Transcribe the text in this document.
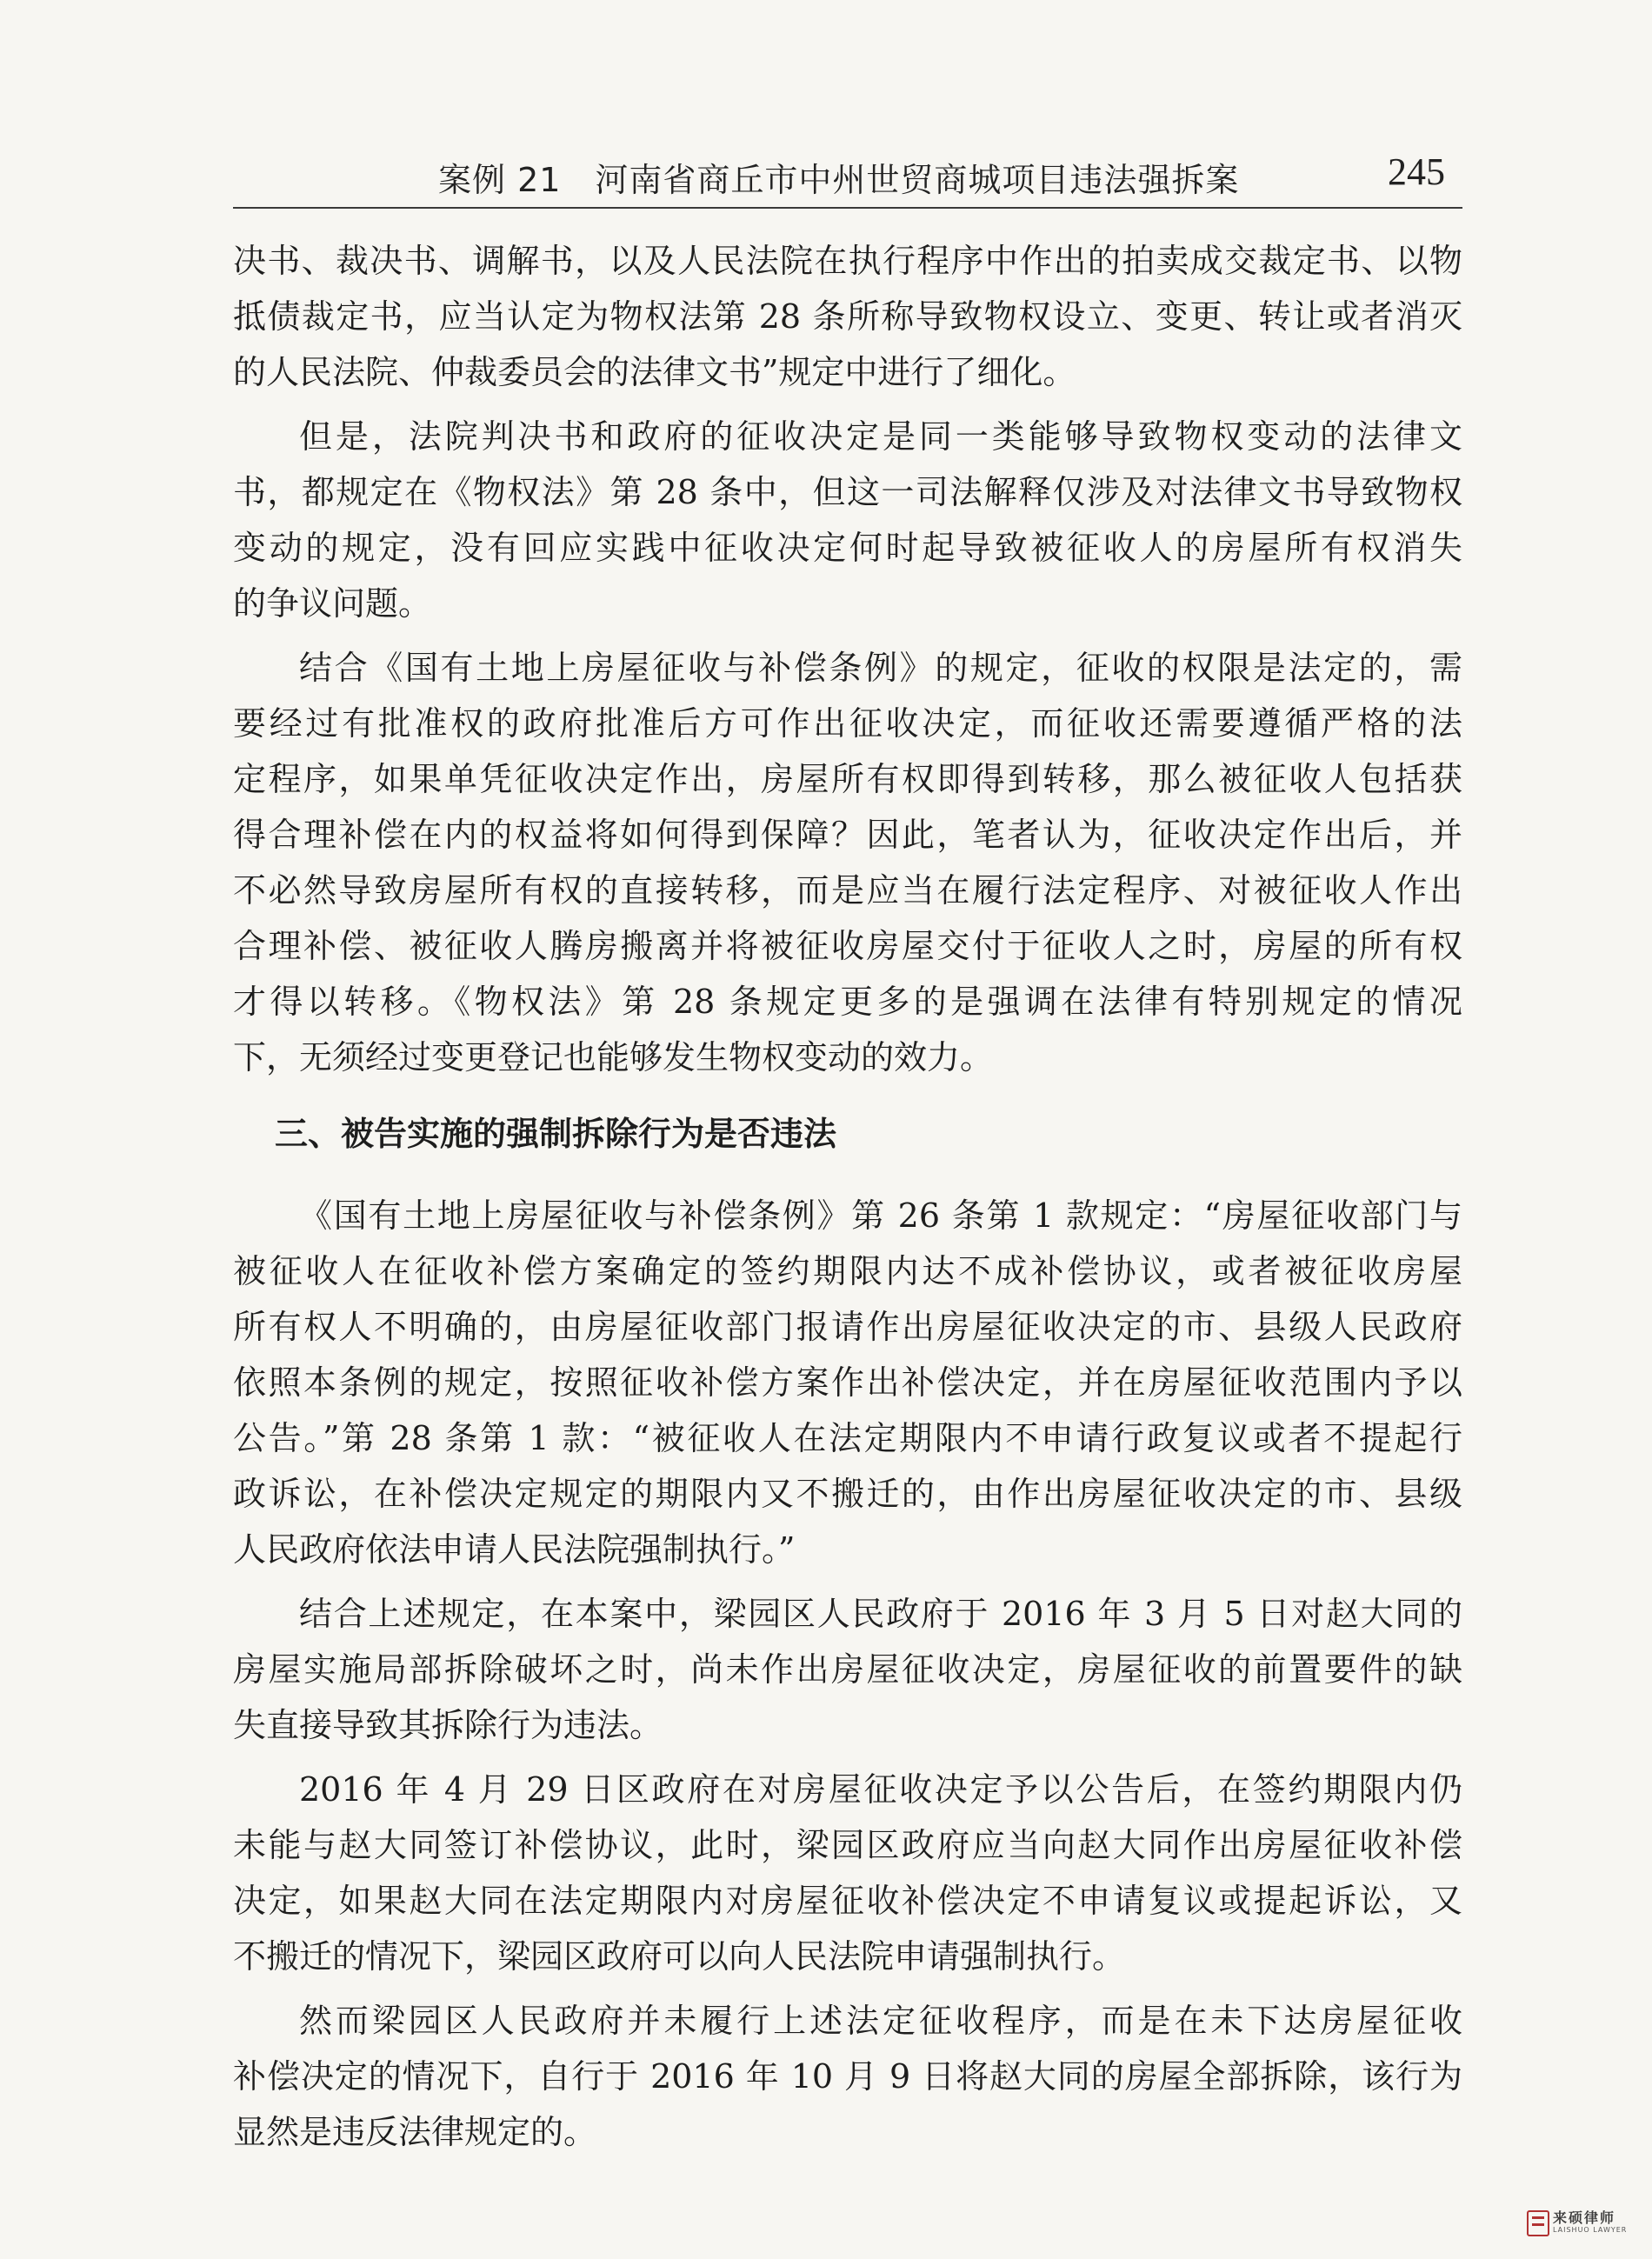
案例 21　河南省商丘市中州世贸商城项目违法强拆案	245
决书、裁决书、调解书，以及人民法院在执行程序中作出的拍卖成交裁定书、以物
抵债裁定书，应当认定为物权法第 28 条所称导致物权设立、变更、转让或者消灭
的人民法院、仲裁委员会的法律文书”规定中进行了细化。
但是，法院判决书和政府的征收决定是同一类能够导致物权变动的法律文
书，都规定在《物权法》第 28 条中，但这一司法解释仅涉及对法律文书导致物权
变动的规定，没有回应实践中征收决定何时起导致被征收人的房屋所有权消失
的争议问题。
结合《国有土地上房屋征收与补偿条例》的规定，征收的权限是法定的，需
要经过有批准权的政府批准后方可作出征收决定，而征收还需要遵循严格的法
定程序，如果单凭征收决定作出，房屋所有权即得到转移，那么被征收人包括获
得合理补偿在内的权益将如何得到保障？因此，笔者认为，征收决定作出后，并
不必然导致房屋所有权的直接转移，而是应当在履行法定程序、对被征收人作出
合理补偿、被征收人腾房搬离并将被征收房屋交付于征收人之时，房屋的所有权
才得以转移。《物权法》第 28 条规定更多的是强调在法律有特别规定的情况
下，无须经过变更登记也能够发生物权变动的效力。
三、被告实施的强制拆除行为是否违法
《国有土地上房屋征收与补偿条例》第 26 条第 1 款规定：“房屋征收部门与
被征收人在征收补偿方案确定的签约期限内达不成补偿协议，或者被征收房屋
所有权人不明确的，由房屋征收部门报请作出房屋征收决定的市、县级人民政府
依照本条例的规定，按照征收补偿方案作出补偿决定，并在房屋征收范围内予以
公告。”第 28 条第 1 款：“被征收人在法定期限内不申请行政复议或者不提起行
政诉讼，在补偿决定规定的期限内又不搬迁的，由作出房屋征收决定的市、县级
人民政府依法申请人民法院强制执行。”
结合上述规定，在本案中，梁园区人民政府于 2016 年 3 月 5 日对赵大同的
房屋实施局部拆除破坏之时，尚未作出房屋征收决定，房屋征收的前置要件的缺
失直接导致其拆除行为违法。
2016 年 4 月 29 日区政府在对房屋征收决定予以公告后，在签约期限内仍
未能与赵大同签订补偿协议，此时，梁园区政府应当向赵大同作出房屋征收补偿
决定，如果赵大同在法定期限内对房屋征收补偿决定不申请复议或提起诉讼，又
不搬迁的情况下，梁园区政府可以向人民法院申请强制执行。
然而梁园区人民政府并未履行上述法定征收程序，而是在未下达房屋征收
补偿决定的情况下，自行于 2016 年 10 月 9 日将赵大同的房屋全部拆除，该行为
显然是违反法律规定的。
来硕律师
LAISHUO LAWYER
